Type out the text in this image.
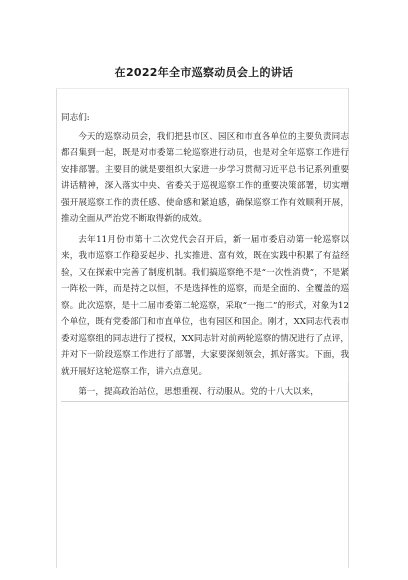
在2022年全市巡察动员会上的讲话

同志们:

今天的巡察动员会，我们把县市区、园区和市直各单位的主要负责同志都召集到一起，既是对市委第二轮巡察进行动员，也是对全年巡察工作进行安排部署。主要目的就是要组织大家进一步学习贯彻习近平总书记系列重要讲话精神，深入落实中央、省委关于巡视巡察工作的重要决策部署，切实增强开展巡察工作的责任感、使命感和紧迫感，确保巡察工作有效顺利开展，推动全面从严治党不断取得新的成效。

去年11月份市第十二次党代会召开后，新一届市委启动第一轮巡察以来，我市巡察工作稳妥起步、扎实推进、富有效，既在实践中积累了有益经验，又在探索中完善了制度机制。我们搞巡察绝不是“一次性消费”，不是紧一阵松一阵，而是持之以恒，不是选择性的巡察，而是全面的、全覆盖的巡察。此次巡察，是十二届市委第二轮巡察，采取“一拖二”的形式，对象为12个单位，既有党委部门和市直单位，也有园区和国企。刚才，XX同志代表市委对巡察组的同志进行了授权，XX同志针对前两轮巡察的情况进行了点评，并对下一阶段巡察工作进行了部署，大家要深刻领会，抓好落实。下面，我就开展好这轮巡察工作，讲六点意见。

第一，提高政治站位，思想重视、行动服从。党的十八大以来，
